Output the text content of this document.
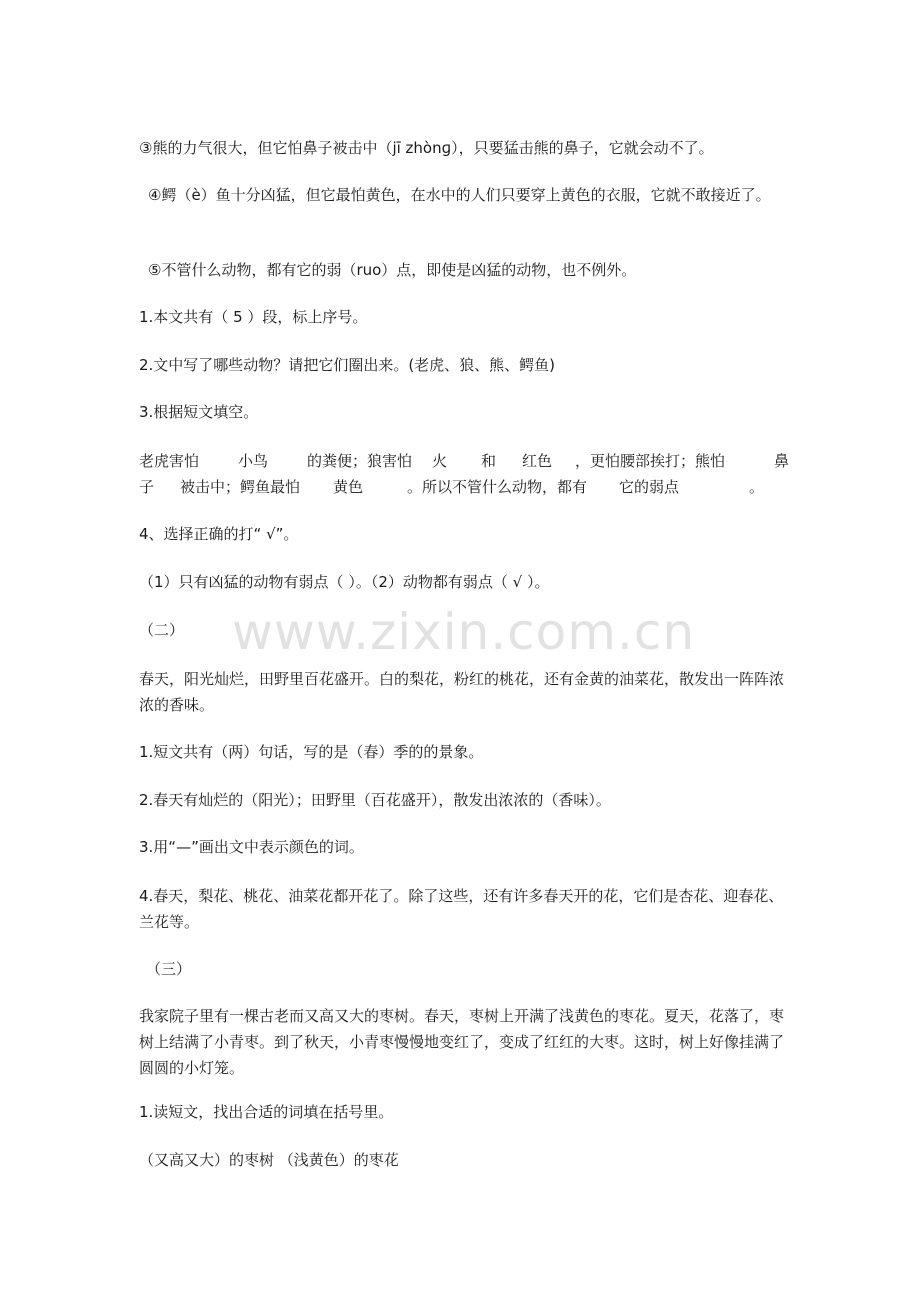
www.zixin.com.cn

③熊的力气很大，但它怕鼻子被击中（jī zhònɡ），只要猛击熊的鼻子，它就会动不了。

④鳄（è）鱼十分凶猛，但它最怕黄色，在水中的人们只要穿上黄色的衣服，它就不敢接近了。

⑤不管什么动物，都有它的弱（ruo）点，即使是凶猛的动物，也不例外。

1.本文共有（ 5 ）段，标上序号。

2.文中写了哪些动物？请把它们圈出来。(老虎、狼、熊、鳄鱼)

3.根据短文填空。

老虎害怕	小鸟	的粪便；狼害怕 火 和 红色 ，更怕腰部挨打；熊怕	鼻
子 被击中；鳄鱼最怕 黄色	。所以不管什么动物，都有 它的弱点	。

4、选择正确的打“ √”。

（1）只有凶猛的动物有弱点（ ）。（2）动物都有弱点（ √ ）。

（二）

春天，阳光灿烂，田野里百花盛开。白的梨花，粉红的桃花，还有金黄的油菜花，散发出一阵阵浓浓的香味。

1.短文共有（两）句话，写的是（春）季的的景象。

2.春天有灿烂的（阳光）；田野里（百花盛开），散发出浓浓的（香味）。

3.用“—”画出文中表示颜色的词。

4.春天，梨花、桃花、油菜花都开花了。除了这些，还有许多春天开的花，它们是杏花、迎春花、兰花等。

（三）

我家院子里有一棵古老而又高又大的枣树。春天，枣树上开满了浅黄色的枣花。夏天，花落了，枣树上结满了小青枣。到了秋天，小青枣慢慢地变红了，变成了红红的大枣。这时，树上好像挂满了圆圆的小灯笼。

1.读短文，找出合适的词填在括号里。

（又高又大）的枣树 （浅黄色）的枣花
